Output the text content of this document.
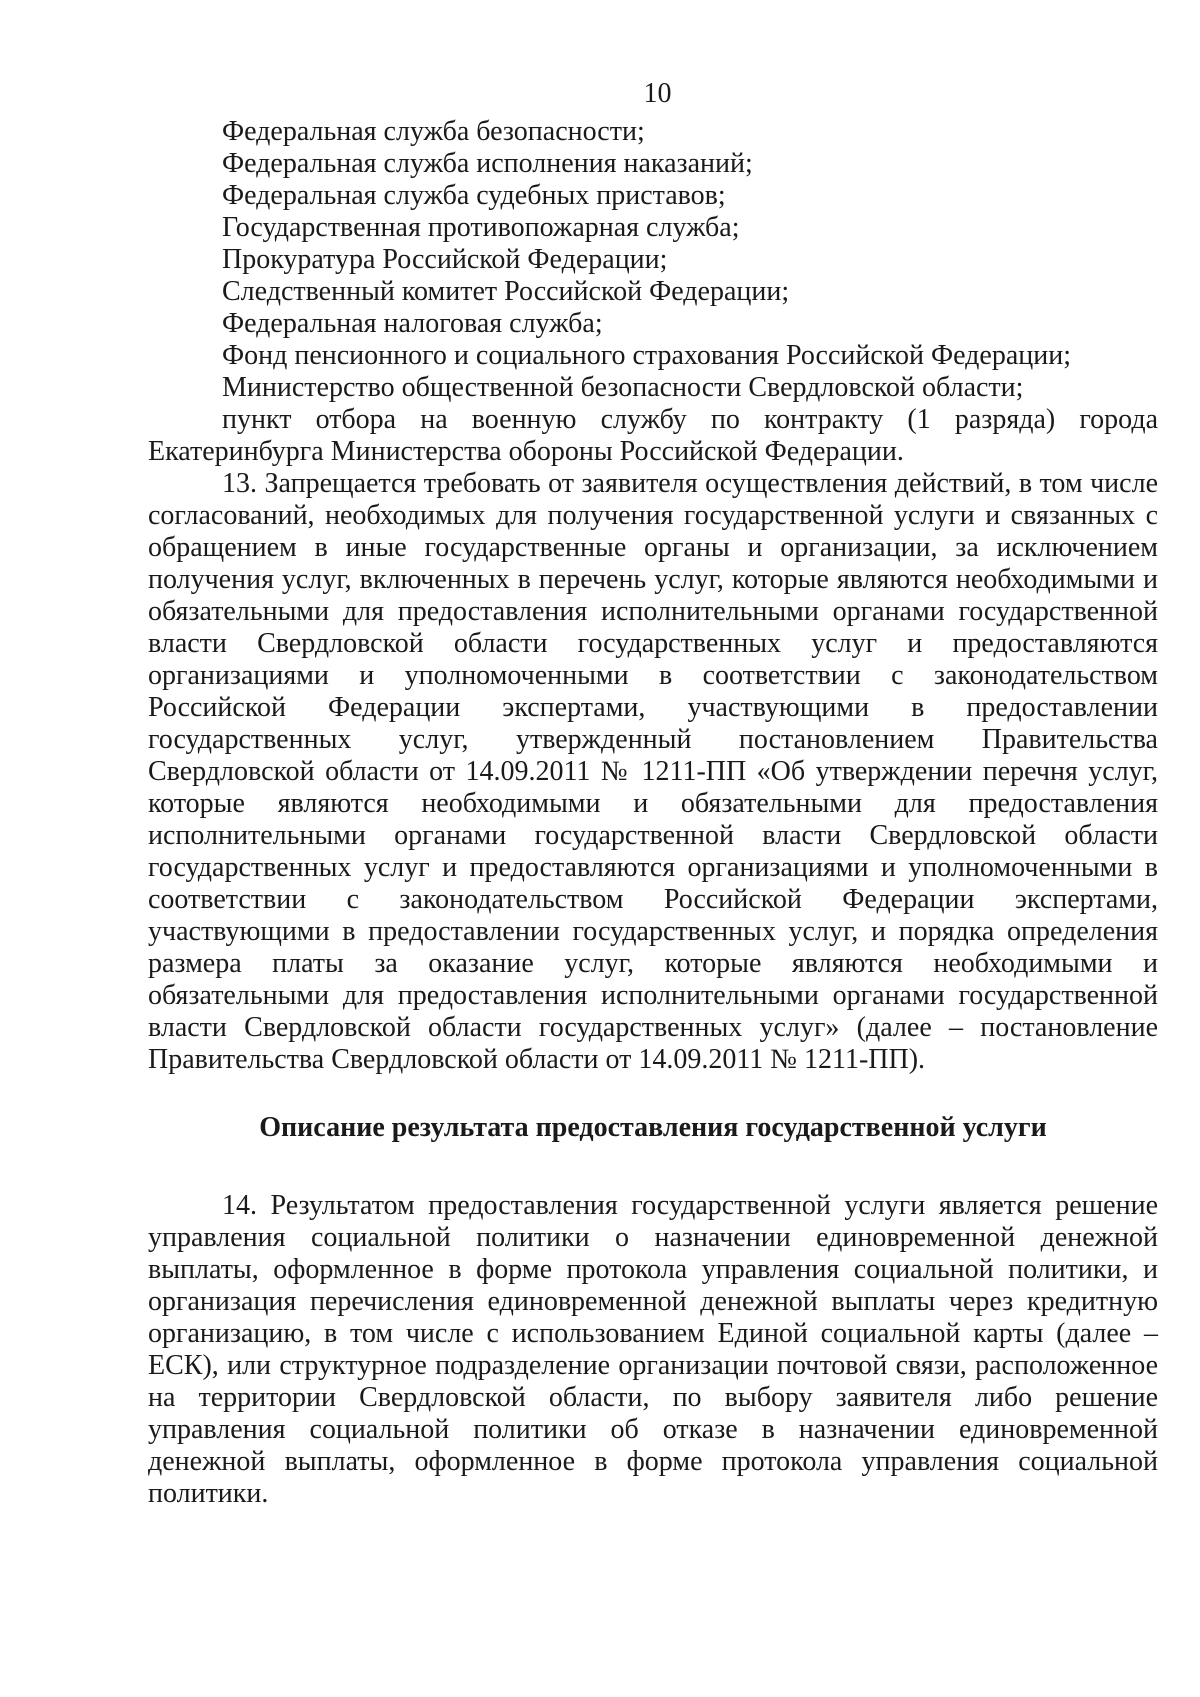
10

Федеральная служба безопасности;

Федеральная служба исполнения наказаний;

Федеральная служба судебных приставов;

Государственная противопожарная служба;

Прокуратура Российской Федерации;

Следственный комитет Российской Федерации;

Федеральная налоговая служба;

Фонд пенсионного и социального страхования Российской Федерации;

Министерство общественной безопасности Свердловской области;

пункт отбора на военную службу по контракту (1 разряда) города Екатеринбурга Министерства обороны Российской Федерации.

13. Запрещается требовать от заявителя осуществления действий, в том числе согласований, необходимых для получения государственной услуги и связанных с обращением в иные государственные органы и организации, за исключением получения услуг, включенных в перечень услуг, которые являются необходимыми и обязательными для предоставления исполнительными органами государственной власти Свердловской области государственных услуг и предоставляются организациями и уполномоченными в соответствии с законодательством Российской Федерации экспертами, участвующими в предоставлении государственных услуг, утвержденный постановлением Правительства Свердловской области от 14.09.2011 № 1211-ПП «Об утверждении перечня услуг, которые являются необходимыми и обязательными для предоставления исполнительными органами государственной власти Свердловской области государственных услуг и предоставляются организациями и уполномоченными в соответствии с законодательством Российской Федерации экспертами, участвующими в предоставлении государственных услуг, и порядка определения размера платы за оказание услуг, которые являются необходимыми и обязательными для предоставления исполнительными органами государственной власти Свердловской области государственных услуг» (далее – постановление Правительства Свердловской области от 14.09.2011 № 1211-ПП).

Описание результата предоставления государственной услуги

14. Результатом предоставления государственной услуги является решение управления социальной политики о назначении единовременной денежной выплаты, оформленное в форме протокола управления социальной политики, и организация перечисления единовременной денежной выплаты через кредитную организацию, в том числе с использованием Единой социальной карты (далее – ЕСК), или структурное подразделение организации почтовой связи, расположенное на территории Свердловской области, по выбору заявителя либо решение управления социальной политики об отказе в назначении единовременной денежной выплаты, оформленное в форме протокола управления социальной политики.
